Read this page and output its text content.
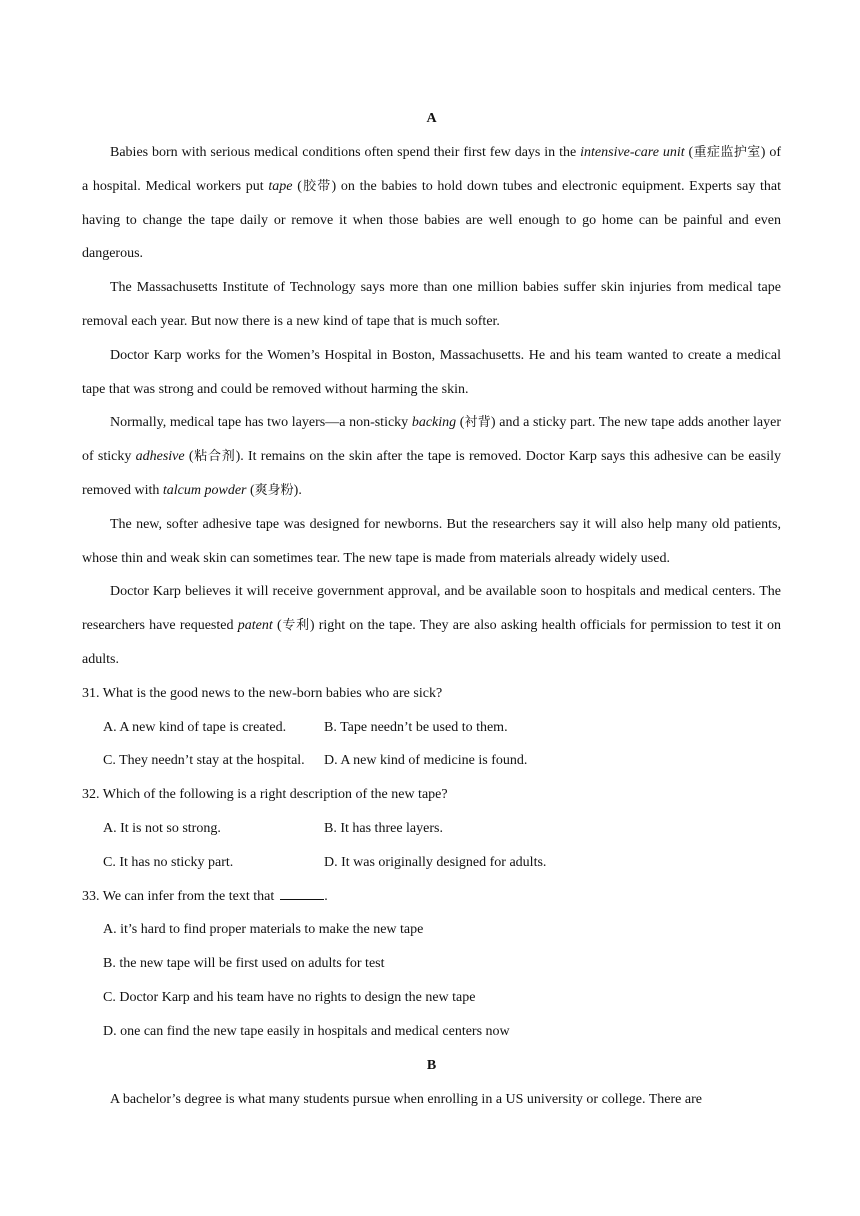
A

Babies born with serious medical conditions often spend their first few days in the intensive-care unit (重症监护室) of a hospital. Medical workers put tape (胶带) on the babies to hold down tubes and electronic equipment. Experts say that having to change the tape daily or remove it when those babies are well enough to go home can be painful and even dangerous.

The Massachusetts Institute of Technology says more than one million babies suffer skin injuries from medical tape removal each year. But now there is a new kind of tape that is much softer.

Doctor Karp works for the Women’s Hospital in Boston, Massachusetts. He and his team wanted to create a medical tape that was strong and could be removed without harming the skin.

Normally, medical tape has two layers—a non-sticky backing (衬背) and a sticky part. The new tape adds another layer of sticky adhesive (粘合剂). It remains on the skin after the tape is removed. Doctor Karp says this adhesive can be easily removed with talcum powder (爽身粉).

The new, softer adhesive tape was designed for newborns. But the researchers say it will also help many old patients, whose thin and weak skin can sometimes tear. The new tape is made from materials already widely used.

Doctor Karp believes it will receive government approval, and be available soon to hospitals and medical centers. The researchers have requested patent (专利) right on the tape. They are also asking health officials for permission to test it on adults.

31. What is the good news to the new-born babies who are sick?
A. A new kind of tape is created.	B. Tape needn’t be used to them.
C. They needn’t stay at the hospital.	D. A new kind of medicine is found.
32. Which of the following is a right description of the new tape?
A. It is not so strong.	B. It has three layers.
C. It has no sticky part.	D. It was originally designed for adults.
33. We can infer from the text that	.
A. it’s hard to find proper materials to make the new tape
B. the new tape will be first used on adults for test
C. Doctor Karp and his team have no rights to design the new tape
D. one can find the new tape easily in hospitals and medical centers now
B

A bachelor’s degree is what many students pursue when enrolling in a US university or college. There are
